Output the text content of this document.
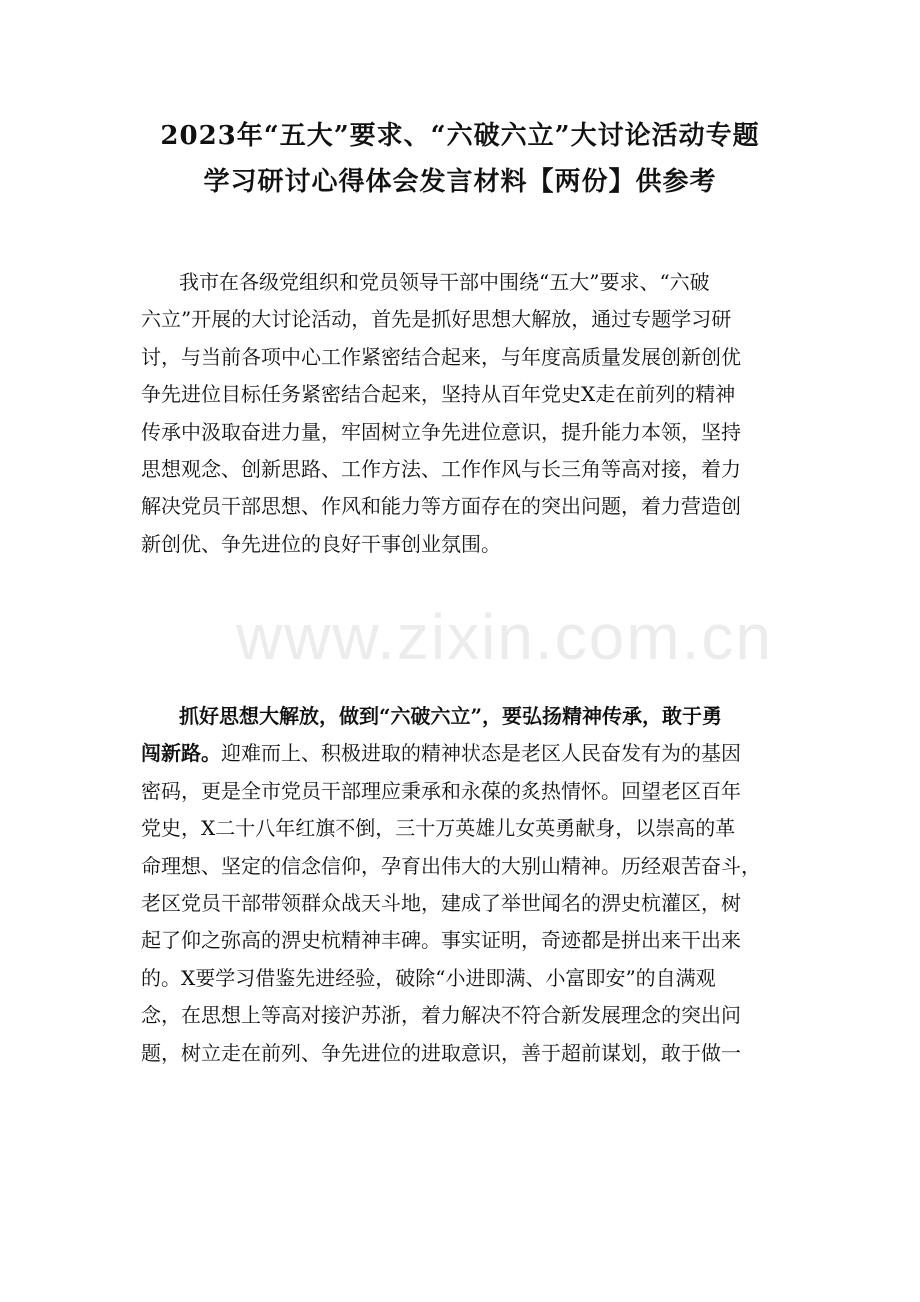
2023年“五大”要求、“六破六立”大讨论活动专题
学习研讨心得体会发言材料【两份】供参考
我市在各级党组织和党员领导干部中围绕“五大”要求、“六破
六立”开展的大讨论活动，首先是抓好思想大解放，通过专题学习研
讨，与当前各项中心工作紧密结合起来，与年度高质量发展创新创优
争先进位目标任务紧密结合起来，坚持从百年党史X走在前列的精神
传承中汲取奋进力量，牢固树立争先进位意识，提升能力本领，坚持
思想观念、创新思路、工作方法、工作作风与长三角等高对接，着力
解决党员干部思想、作风和能力等方面存在的突出问题，着力营造创
新创优、争先进位的良好干事创业氛围。
www.zixin.com.cn
抓好思想大解放，做到“六破六立”，要弘扬精神传承，敢于勇
闯新路。迎难而上、积极进取的精神状态是老区人民奋发有为的基因
密码，更是全市党员干部理应秉承和永葆的炙热情怀。回望老区百年
党史，X二十八年红旗不倒，三十万英雄儿女英勇献身，以崇高的革
命理想、坚定的信念信仰，孕育出伟大的大别山精神。历经艰苦奋斗，
老区党员干部带领群众战天斗地，建成了举世闻名的淠史杭灌区，树
起了仰之弥高的淠史杭精神丰碑。事实证明，奇迹都是拼出来干出来
的。X要学习借鉴先进经验，破除“小进即满、小富即安”的自满观
念，在思想上等高对接沪苏浙，着力解决不符合新发展理念的突出问
题，树立走在前列、争先进位的进取意识，善于超前谋划，敢于做一
